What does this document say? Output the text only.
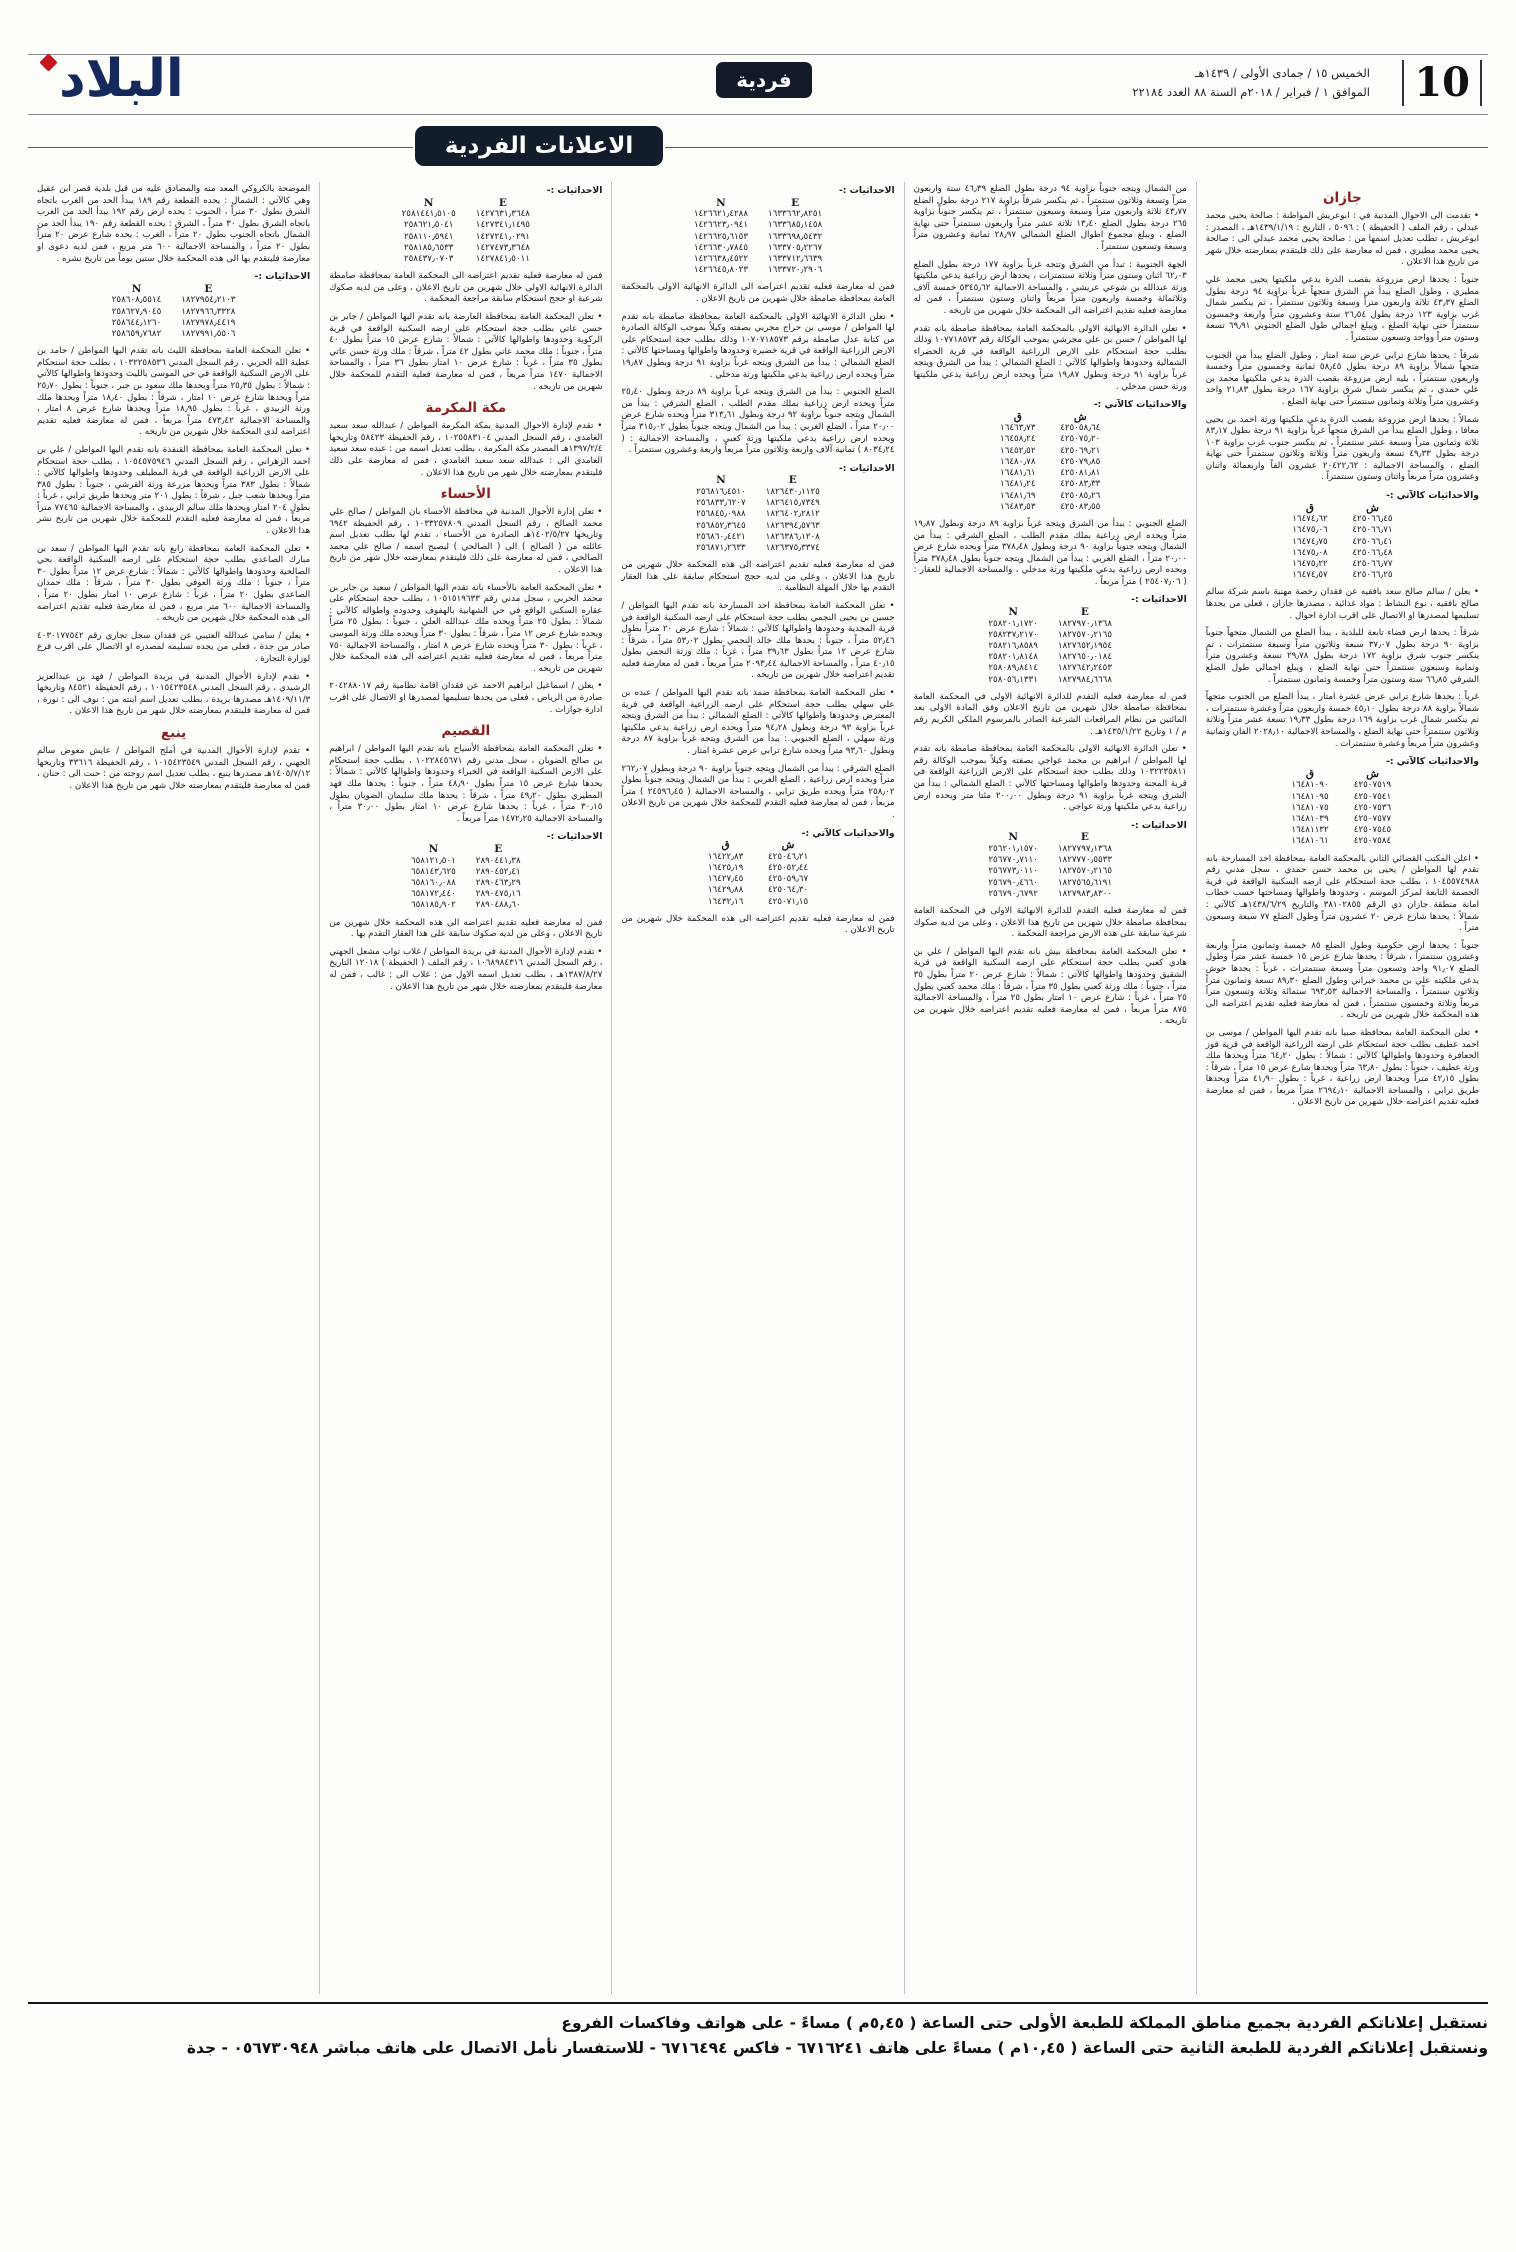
البلاد	فردية	الخميس ١٥ / جمادى الأولى / ١٤٣٩هـ
الموافق ١ / فبراير / ٢٠١٨م السنة ٨٨ العدد ٢٢١٨٤ 10
الاعلانات الفردية
جازان

• تقدمت الى الاحوال المدنية في : ابوعريش المواطنة : صالحة يحيى محمد عبدلي ، رقم الملف ( الحفيظة ) : ٥٠٩٦ ، التاريخ : ١٤٣٩/١/١٩هـ ، المصدر : ابوعريش ، تطلب تعديل اسمها من : صالحة يحيى محمد عبدلي الى : صالحة يحيى محمد مطيري ، فمن له معارضة على ذلك فليتقدم بمعارضته خلال شهر من تاريخ هذا الاعلان .

جنوباً : يحدها ارض مزروعة بقصب الذرة يدعي ملكيتها يحيى محمد علي مطيري ، وطول الضلع يبدأ من الشرق متجهاً غرباً بزاوية ٩٤ درجة بطول الضلع ٤٣٫٣٧ ثلاثة واربعون متراً وسبعة وثلاثون سنتمتراً ، ثم ينكسر شمال غرب بزاوية ١٢٣ درجة بطول ٢٦٫٥٤ ستة وعشرون متراً واربعة وخمسون سنتمتراً حتى نهاية الضلع ، ويبلغ اجمالي طول الضلع الجنوبي ٦٩٫٩١ تسعة وستون متراً وواحد وتسعون سنتمتراً .

شرقاً : يحدها شارع ترابي عرض ستة امتار ، وطول الضلع يبدأ من الجنوب متجهاً شمالاً بزاوية ٨٩ درجة بطول ٥٨٫٤٥ ثمانية وخمسون متراً وخمسة واربعون سنتمتراً ، يليه ارض مزروعة بقصب الذرة يدعي ملكيتها محمد بن علي حمدي ، ثم ينكسر شمال شرق بزاوية ١٦٧ درجة بطول ٢١٫٨٣ واحد وعشرون متراً وثلاثة وثمانون سنتمتراً حتى نهاية الضلع .

شمالاً : يحدها ارض مزروعة بقصب الذرة يدعي ملكيتها ورثة احمد بن يحيى معافا ، وطول الضلع يبدأ من الشرق متجهاً غرباً بزاوية ٩١ درجة بطول ٨٣٫١٧ ثلاثة وثمانون متراً وسبعة عشر سنتمتراً ، ثم ينكسر جنوب غرب بزاوية ١٠٣ درجة بطول ٤٩٫٣٣ تسعة واربعون متراً وثلاثة وثلاثون سنتمتراً حتى نهاية الضلع ، والمساحة الاجمالية : ٢٠٤٢٢٫٦٢ عشرون الفاً واربعمائة واثنان وعشرون متراً مربعاً واثنان وستون سنتمتراً .

والاحداثيات كالآتي :-
ش	ق
٤٢٥٠٦٦٫٤٥	١٦٤٧٤٫٦٢
٤٢٥٠٦٦٫٧١	١٦٤٧٥٫٠٦
٤٢٥٠٦٦٫٤١	١٦٤٧٤٫٧٥
٤٢٥٠٦٦٫٤٨	١٦٤٧٥٫٠٨
٤٢٥٠٦٦٫٧٧	١٦٤٧٥٫٢٢
٤٢٥٠٦٦٫٢٥	١٦٤٧٤٫٥٧

• يعلن / سالم صالح سعد بافقيه عن فقدان رخصة مهنية باسم شركة سالم صالح بافقيه ، نوع النشاط : مواد غذائية ، مصدرها جازان ، فعلى من يجدها تسليمها لمصدرها او الاتصال على اقرب ادارة احوال .

شرقاً : يحدها ارض فضاء تابعة للبلدية ، يبدأ الضلع من الشمال متجهاً جنوباً بزاوية ٩٠ درجة بطول ٣٧٫٠٧ سبعة وثلاثون متراً وسبعة سنتمترات ، ثم ينكسر جنوب شرق بزاوية ١٧٢ درجة بطول ٢٩٫٧٨ تسعة وعشرون متراً وثمانية وسبعون سنتمتراً حتى نهاية الضلع ، ويبلغ اجمالي طول الضلع الشرقي ٦٦٫٨٥ ستة وستون متراً وخمسة وثمانون سنتمتراً .

غرباً : يحدها شارع ترابي عرض عشرة امتار ، يبدأ الضلع من الجنوب متجهاً شمالاً بزاوية ٨٨ درجة بطول ٤٥٫١٠ خمسة واربعون متراً وعشرة سنتمترات ، ثم ينكسر شمال غرب بزاوية ١٦٩ درجة بطول ١٩٫٣٣ تسعة عشر متراً وثلاثة وثلاثون سنتمتراً حتى نهاية الضلع ، والمساحة الاجمالية ٢٠٢٨٫١٠ الفان وثمانية وعشرون متراً مربعاً وعشرة سنتمترات .

والاحداثيات كالآتي :-
ش	ق
٤٢٥٠٧٥١٩	١٦٤٨١٠٩٠
٤٢٥٠٧٥٤١	١٦٤٨١٠٩٥
٤٢٥٠٧٥٣٦	١٦٤٨١٠٧٥
٤٢٥٠٧٥٧٧	١٦٤٨١٠٣٩
٤٢٥٠٧٥٤٥	١٦٤٨١١٣٢
٤٢٥٠٧٥٨٤	١٦٤٨١٠٦١

• اعلن المكتب القضائي الثاني بالمحكمة العامة بمحافظة احد المسارحة بانه تقدم لها المواطن / يحيى بن محمد حسن حمدي ، سجل مدني رقم ١٠٤٥٥٧٤٩٨٨ ، بطلب حجة استحكام على ارضه السكنية الواقعة في قرية الحصمة التابعة لمركز الموسم ، وحدودها واطوالها ومساحتها حسب خطاب امانة منطقة جازان ذي الرقم ٣٨١٠٢٨٥٥ والتاريخ ١٤٣٨/٦/٢٩هـ كالآتي : شمالاً : يحدها شارع عرض ٢٠ عشرون متراً وطول الضلع ٧٧ سبعة وسبعون متراً .

جنوباً : يحدها ارض حكومية وطول الضلع ٨٥ خمسة وثمانون متراً واربعة وعشرون سنتمتراً ، شرقاً : يحدها شارع عرض ١٥ خمسة عشر متراً وطول الضلع ٩١٫٠٧ واحد وتسعون متراً وسبعة سنتمترات ، غرباً : يحدها حوش يدعي ملكيته علي بن محمد خبراني وطول الضلع ٨٩٫٣٠ تسعة وثمانون متراً وثلاثون سنتمتراً ، والمساحة الاجمالية ٦٩٣٫٥٣ ستمائة وثلاثة وتسعون متراً مربعاً وثلاثة وخمسون سنتمتراً ، فمن له معارضة فعليه تقديم اعتراضه الى هذه المحكمة خلال شهرين من تاريخه .

• تعلن المحكمة العامة بمحافظة صبيا بانه تقدم اليها المواطن / موسى بن احمد عطيف بطلب حجة استحكام على ارضه الزراعية الواقعة في قرية قوز الجعافرة وحدودها واطوالها كالآتي : شمالاً : بطول ٦٤٫٢٠ متراً ويحدها ملك ورثة عطيف ، جنوباً : بطول ٦٣٫٨٠ متراً ويحدها شارع عرض ١٥ متراً ، شرقاً : بطول ٤٢٫١٥ متراً ويحدها ارض زراعية ، غرباً : بطول ٤١٫٩٠ متراً ويحدها طريق ترابي ، والمساحة الاجمالية ٢٦٩٤٫١٠ متراً مربعاً ، فمن له معارضة فعليه تقديم اعتراضه خلال شهرين من تاريخ الاعلان .

من الشمال ويتجه جنوباً بزاوية ٩٤ درجة بطول الضلع ٤٦٫٣٩ ستة واربعون متراً وتسعة وثلاثون سنتمتراً ، ثم ينكسر شرقاً بزاوية ٢١٧ درجة بطول الضلع ٤٣٫٧٧ ثلاثة واربعون متراً وسبعة وسبعون سنتمتراً ، ثم ينكسر جنوباً بزاوية ٢٦٥ درجة بطول الضلع ١٣٫٤٠ ثلاثة عشر متراً واربعون سنتمتراً حتى نهاية الضلع ، ويبلغ مجموع اطوال الضلع الشمالي ٢٨٫٩٧ ثمانية وعشرون متراً وسبعة وتسعون سنتمتراً .

الجهة الجنوبية : تبدأ من الشرق وتتجه غرباً بزاوية ١٧٧ درجة بطول الضلع ٦٢٫٠٣ اثنان وستون متراً وثلاثة سنتمترات ، يحدها ارض زراعية يدعي ملكيتها ورثة عبدالله بن شوعي عريشي ، والمساحة الاجمالية ٥٣٤٥٫٦٢ خمسة آلاف وثلاثمائة وخمسة واربعون متراً مربعاً واثنان وستون سنتمتراً ، فمن له معارضة فعليه تقديم اعتراضه الى المحكمة خلال شهرين من تاريخه .

• تعلن الدائرة الانهائية الاولى بالمحكمة العامة بمحافظة صامطة بانه تقدم لها المواطن / حسن بن علي مجرشي بموجب الوكالة رقم ١٠٧٧١٨٥٧٣ وذلك بطلب حجة استحكام على الارض الزراعية الواقعة في قرية الخضراء الشمالية وحدودها واطوالها كالآتي : الضلع الشمالي : يبدأ من الشرق ويتجه غرباً بزاوية ٩١ درجة وبطول ١٩٫٨٧ متراً ويحده ارض زراعية يدعي ملكيتها ورثة حسن مدخلي .

والاحداثيات كالآتي :-
ش	ق
٤٢٥٠٥٨٫٦٤	١٦٤٦٣٫٧٣
٤٢٥٠٧٥٫٢٠	١٦٤٥٨٫٢٤
٤٢٥٠٦٩٫٢١	١٦٤٥٢٫٥٢
٤٢٥٠٧٩٫٨٥	١٦٤٨٠٫٧٨
٤٢٥٠٨١٫٨١	١٦٤٨١٫٦١
٤٢٥٠٨٣٫٣٣	١٦٤٨١٫٢٤
٤٢٥٠٨٥٫٢٦	١٦٤٨١٫٦٩
٤٢٥٠٨٣٫٥٥	١٦٤٨٣٫٥٣

الضلع الجنوبي : يبدأ من الشرق ويتجه غرباً بزاوية ٨٩ درجة وبطول ١٩٫٨٧ متراً ويحده ارض زراعية بملك مقدم الطلب ، الضلع الشرقي : يبدأ من الشمال ويتجه جنوباً بزاوية ٩٠ درجة وبطول ٣٧٨٫٤٨ متراً ويحده شارع عرض ٢٠٫٠٠ متراً ، الضلع الغربي : يبدأ من الشمال ويتجه جنوباً بطول ٣٧٨٫٤٨ متراً ويحده ارض زراعية يدعي ملكيتها ورثة مدخلي ، والمساحة الاجمالية للعقار : ( ٢٥٤٠٧٫٠٦ ) متراً مربعاً .

الاحداثيات :-
N	E
٢٥٨٢٠١٫١٧٢٠	١٨٢٧٩٧٠٫١٣٦٨
٢٥٨٢٣٧٫٢١٧٠	١٨٢٧٥٧٠٫٢١٦٥
٢٥٨٢١٦٫٨٥٨٩	١٨٢٧٦٥٢٫١٩٥٤
٢٥٨٢٠١٫٨١٤٨	١٨٢٧٦٥٠٫٠١٨٤
٢٥٨٠٨٩٫٨٤١٤	١٨٢٧٦٤٢٫٢٤٥٣
٢٥٨٠٥٦٫١٣٣١	١٨٢٧٩٨٤٫٦٦٦٨

فمن له معارضة فعليه التقدم للدائرة الانهائية الاولى في المحكمة العامة بمحافظة صامطة خلال شهرين من تاريخ الاعلان وفق المادة الاولى بعد المائتين من نظام المرافعات الشرعية الصادر بالمرسوم الملكي الكريم رقم م / ١ وتاريخ ١٤٣٥/١/٢٢هـ .

• تعلن الدائرة الانهائية الاولى بالمحكمة العامة بمحافظة صامطة بانه تقدم لها المواطن / ابراهيم بن محمد عواجي بصفته وكيلاً بموجب الوكالة رقم ١٠٣٢٢٣٥٨١١ وذلك بطلب حجة استحكام على الارض الزراعية الواقعة في قرية المجنة وحدودها واطوالها ومساحتها كالآتي : الضلع الشمالي : يبدأ من الشرق ويتجه غرباً بزاوية ٩١ درجة وبطول ٢٠٠٫٠٠ مئتا متر ويحده ارض زراعية يدعي ملكيتها ورثة عواجي .

الاحداثيات :-
N	E
٢٥٦٢٠١٫١٥٧٠	١٨٢٧٧٩٧٫١٣٦٨
٢٥٦٧٧٠٫٧١١٠	١٨٢٧٧٧٠٫٥٥٣٣
٢٥٦٧٧٣٫٠١١٠	١٨٢٧٥٧٠٫٢١٦٥
٢٥٦٧٩٠٫٤٦٦٠	١٨٢٧٥٦٥٫٦١٩١
٢٥٦٧٩٠٫٦٧٩٢	١٨٢٧٩٨٣٫٨٣٠٠

فمن له معارضة فعليه التقدم للدائرة الانهائية الاولى في المحكمة العامة بمحافظة صامطة خلال شهرين من تاريخ هذا الاعلان ، وعلى من لديه صكوك شرعية سابقة على هذه الارض مراجعة المحكمة .

• تعلن المحكمة العامة بمحافظة بيش بانه تقدم اليها المواطن / علي بن هادي كعبي بطلب حجة استحكام على ارضه السكنية الواقعة في قرية الشقيق وحدودها واطوالها كالآتي : شمالاً : شارع عرض ٢٠ متراً بطول ٣٥ متراً ، جنوباً : ملك ورثة كعبي بطول ٣٥ متراً ، شرقاً : ملك محمد كعبي بطول ٢٥ متراً ، غرباً : شارع عرض ١٠ امتار بطول ٢٥ متراً ، والمساحة الاجمالية ٨٧٥ متراً مربعاً ، فمن له معارضة فعليه تقديم اعتراضه خلال شهرين من تاريخه .

الاحداثيات :-
N	E
١٤٢٦٦٢١٫٤٢٨٨	١٦٣٣٦٦٢٫٨٢٥١
١٤٢٦٦٢٣٫٠٩٤١	١٦٣٣٦٨٥٫١٤٥٨
١٤٢٦٦٢٥٫٦١٥٣	١٦٣٣٦٩٨٫٥٤٣٢
١٤٢٦٦٣٠٫٧٨٤٥	١٦٣٣٧٠٥٫٢٢٦٧
١٤٢٦٦٣٨٫٤٥٢٢	١٦٣٣٧١٢٫٦٦٣٩
١٤٢٦٦٤٥٫٨٠٢٣	١٦٣٣٧٢٠٫٢٩٠٦

فمن له معارضة فعليه تقديم اعتراضه الى الدائرة الانهائية الاولى بالمحكمة العامة بمحافظة صامطة خلال شهرين من تاريخ الاعلان .

• تعلن الدائرة الانهائية الاولى بالمحكمة العامة بمحافظة صامطة بانه تقدم لها المواطن / موسى بن حراج مجربي بصفته وكيلاً بموجب الوكالة الصادرة من كتابة عدل صامطة برقم ١٠٧٠٧١٨٥٧٣ وذلك بطلب حجة استحكام على الارض الزراعية الواقعة في قرية خضيرة وحدودها واطوالها ومساحتها كالآتي : الضلع الشمالي : يبدأ من الشرق ويتجه غرباً بزاوية ٩١ درجة وبطول ١٩٫٨٧ متراً ويحده ارض زراعية يدعي ملكيتها ورثة مدخلي .

الضلع الجنوبي : يبدأ من الشرق ويتجه غرباً بزاوية ٨٩ درجة وبطول ٢٥٫٤٠ متراً ويحده ارض زراعية بملك مقدم الطلب ، الضلع الشرقي : يبدأ من الشمال ويتجه جنوباً بزاوية ٩٢ درجة وبطول ٣١٣٫٦١ متراً ويحده شارع عرض ٢٠٫٠٠ متراً ، الضلع الغربي : يبدأ من الشمال ويتجه جنوباً بطول ٣١٥٫٠٢ متراً ويحده ارض زراعية يدعي ملكيتها ورثة كعبي ، والمساحة الاجمالية : ( ٨٠٣٤٫٢٤ ) ثمانية آلاف واربعة وثلاثون متراً مربعاً واربعة وعشرون سنتمتراً .

الاحداثيات :-
N	E
٢٥٦٨١٦٫٤٥١٠	١٨٢٦٤٣٠٫١١٢٥
٢٥٦٨٣٣٫٦٢٠٧	١٨٢٦٤١٥٫٧٣٤٩
٢٥٦٨٤٥٫٠٩٨٨	١٨٢٦٤٠٢٫٢٨١٢
٢٥٦٨٥٢٫٣٦٤٥	١٨٢٦٣٩٤٫٥٧٦٣
٢٥٦٨٦٠٫٤٤٢١	١٨٢٦٣٨٦٫١٢٠٨
٢٥٦٨٧١٫٢٦٣٣	١٨٢٦٣٧٥٫٣٣٧٤

فمن له معارضة فعليه تقديم اعتراضه الى هذه المحكمة خلال شهرين من تاريخ هذا الاعلان ، وعلى من لديه حجج استحكام سابقة على هذا العقار التقدم بها خلال المهلة النظامية .

• تعلن المحكمة العامة بمحافظة احد المسارحة بانه تقدم اليها المواطن / حسين بن يحيى النجمي بطلب حجة استحكام على ارضه السكنية الواقعة في قرية المجدية وحدودها واطوالها كالآتي : شمالاً : شارع عرض ٢٠ متراً بطول ٥٢٫٤٦ متراً ، جنوباً : يحدها ملك خالد النجمي بطول ٥٣٫٠٢ متراً ، شرقاً : شارع عرض ١٢ متراً بطول ٣٩٫٦٣ متراً ، غرباً : ملك ورثة النجمي بطول ٤٠٫١٥ متراً ، والمساحة الاجمالية ٢٠٩٣٫٤٤ متراً مربعاً ، فمن له معارضة فعليه تقديم اعتراضه خلال شهرين من تاريخه .

• تعلن المحكمة العامة بمحافظة ضمد بانه تقدم اليها المواطن / عبده بن علي سهلي بطلب حجة استحكام على ارضه الزراعية الواقعة في قرية المعترض وحدودها واطوالها كالآتي : الضلع الشمالي : يبدأ من الشرق ويتجه غرباً بزاوية ٩٣ درجة وبطول ٩٤٫٢٨ متراً ويحده ارض زراعية يدعي ملكيتها ورثة سهلي ، الضلع الجنوبي : يبدأ من الشرق ويتجه غرباً بزاوية ٨٧ درجة وبطول ٩٣٫٦٠ متراً ويحده شارع ترابي عرض عشرة امتار .

الضلع الشرقي : يبدأ من الشمال ويتجه جنوباً بزاوية ٩٠ درجة وبطول ٢٦٢٫٠٧ متراً ويحده ارض زراعية ، الضلع الغربي : يبدأ من الشمال ويتجه جنوباً بطول ٢٥٨٫٠٢ متراً ويحده طريق ترابي ، والمساحة الاجمالية ( ٢٤٥٩٦٫٤٥ ) متراً مربعاً ، فمن له معارضة فعليه التقدم للمحكمة خلال شهرين من تاريخ الاعلان .

والاحداثيات كالآتي :-
ش	ق
٤٢٥٠٤٦٫٢١	١٦٤٢٢٫٨٣
٤٢٥٠٥٢٫٤٤	١٦٤٢٥٫١٩
٤٢٥٠٥٩٫٦٧	١٦٤٢٧٫٤٥
٤٢٥٠٦٤٫٣٠	١٦٤٢٩٫٨٨
٤٢٥٠٧١٫١٥	١٦٤٣٢٫١٦

فمن له معارضة فعليه تقديم اعتراضه الى هذه المحكمة خلال شهرين من تاريخ الاعلان .

الاحداثيات :-
N	E
٢٥٨١٤٤١٫٥١٠٥	١٤٢٧٦٣١٫٣٦٤٨
٢٥٨٦٢١٫٥٠٤١	١٤٢٧٣٤١٫١٤٩٥
٢٥٨١١٠٫٥٩٤١	١٤٢٧٢٤١٫٠٢٩١
٢٥٨١٨٥٫٦٥٣٣	١٤٢٧٤٧٣٫٣٦٤٨
٢٥٨٤٣٧٫٠٧٠٣	١٤٢٧٨٤١٫٥٠١١

فمن له معارضة فعليه تقديم اعتراضه الى المحكمة العامة بمحافظة صامطة الدائرة الانهائية الاولى خلال شهرين من تاريخ الاعلان ، وعلى من لديه صكوك شرعية او حجج استحكام سابقة مراجعة المحكمة .

• تعلن المحكمة العامة بمحافظة العارضة بانه تقدم اليها المواطن / جابر بن حسن عاتي بطلب حجة استحكام على ارضه السكنية الواقعة في قرية الركوبة وحدودها واطوالها كالآتي : شمالاً : شارع عرض ١٥ متراً بطول ٤٠ متراً ، جنوباً : ملك محمد عاتي بطول ٤٢ متراً ، شرقاً : ملك ورثة حسن عاتي بطول ٣٥ متراً ، غرباً : شارع عرض ١٠ امتار بطول ٣٦ متراً ، والمساحة الاجمالية ١٤٧٠ متراً مربعاً ، فمن له معارضة فعليه التقدم للمحكمة خلال شهرين من تاريخه .

مكة المكرمة

• تقدم لإدارة الاحوال المدنية بمكة المكرمة المواطن / عبدالله سعد سعيد الغامدي ، رقم السجل المدني ١٠٢٥٥٨٣١٠٤ ، رقم الحفيظة ٥٨٤٢٣ وتاريخها ١٣٩٧/٢/٤هـ المصدر مكة المكرمة ، بطلب تعديل اسمه من : عبده سعد سعيد الغامدي الى : عبدالله سعد سعيد الغامدي ، فمن له معارضة على ذلك فليتقدم بمعارضته خلال شهر من تاريخ هذا الاعلان .

الأحساء

• تعلن إدارة الأحوال المدنية في محافظة الأحساء بان المواطن / صالح علي محمد الصالح ، رقم السجل المدني ١٠٣٣٢٥٧٨٠٩ ، رقم الحفيظة ٦٩٤٢ وتاريخها ١٤٠٢/٥/٢٧هـ الصادرة من الأحساء ، تقدم لها بطلب تعديل اسم عائلته من ( الصالح ) الى ( الصالحي ) ليصبح اسمه / صالح علي محمد الصالحي ، فمن له معارضة على ذلك فليتقدم بمعارضته خلال شهر من تاريخ هذا الاعلان .

• تعلن المحكمة العامة بالأحساء بانه تقدم اليها المواطن / سعيد بن جابر بن محمد الحربي ، سجل مدني رقم ١٠٥١٥١٩٦٣٣ ، بطلب حجة استحكام على عقاره السكني الواقع في حي الشهابية بالهفوف وحدوده واطواله كالآتي : شمالاً : بطول ٢٥ متراً ويحده ملك عبدالله العلي ، جنوباً : بطول ٢٥ متراً ويحده شارع عرض ١٢ متراً ، شرقاً : بطول ٣٠ متراً ويحده ملك ورثة الموسى ، غرباً : بطول ٣٠ متراً ويحده شارع عرض ٨ امتار ، والمساحة الاجمالية ٧٥٠ متراً مربعاً ، فمن له معارضة فعليه تقديم اعتراضه الى هذه المحكمة خلال شهرين من تاريخه .

• يعلن / اسماعيل ابراهيم الاحمد عن فقدان اقامة نظامية رقم ٢٠٤٢٨٨٠١٧ صادرة من الرياض ، فعلى من يجدها تسليمها لمصدرها او الاتصال على اقرب ادارة جوازات .

القصيم

• تعلن المحكمة العامة بمحافظة الأسياح بانه تقدم اليها المواطن / ابراهيم بن صالح الضويان ، سجل مدني رقم ١٠٢٢٨٤٥٦٧١ ، بطلب حجة استحكام على الارض السكنية الواقعة في الخبراء وحدودها واطوالها كالآتي : شمالاً : يحدها شارع عرض ١٥ متراً بطول ٤٨٫٩٠ متراً ، جنوباً : يحدها ملك فهد المطيري بطول ٤٩٫٢٠ متراً ، شرقاً : يحدها ملك سليمان الضويان بطول ٣٠٫١٥ متراً ، غرباً : يحدها شارع عرض ١٠ امتار بطول ٣٠٫٠٠ متراً ، والمساحة الاجمالية ١٤٧٢٫٢٥ متراً مربعاً .

الاحداثيات :-
N	E
٦٥٨١٢١٫٥٠١	٢٨٩٠٤٤١٫٣٨
٦٥٨١٤٣٫٦٢٥	٢٨٩٠٤٥٢٫٤١
٦٥٨١٦٠٫٠٨٨	٢٨٩٠٤٦٣٫٢٩
٦٥٨١٧٢٫٤٤٠	٢٨٩٠٤٧٥٫١٦
٦٥٨١٨٥٫٩٠٢	٢٨٩٠٤٨٨٫٦٠

فمن له معارضة فعليه تقديم اعتراضه الى هذه المحكمة خلال شهرين من تاريخ الاعلان ، وعلى من لديه صكوك سابقة على هذا العقار التقدم بها .

• تقدم لإدارة الأحوال المدنية في بريدة المواطن / غلاب ثواب مشعل الجهني ، رقم السجل المدني ١٠٦٨٩٨٤٣١٦ ، رقم الملف ( الحفيظة ) ١٢٠١٨ التاريخ ١٣٨٧/٨/٢٧هـ ، بطلب تعديل اسمه الاول من : غلاب الى : غالب ، فمن له معارضة فليتقدم بمعارضته خلال شهر من تاريخ هذا الاعلان .

الموضحة بالكروكي المعد منه والمصادق عليه من قبل بلدية قصر ابن عقيل وهي كالآتي : الشمال : يحده القطعة رقم ١٨٩ يبدأ الحد من الغرب باتجاه الشرق بطول ٣٠ متراً ، الجنوب : يحده ارض رقم ١٩٢ يبدأ الحد من الغرب باتجاه الشرق بطول ٣٠ متراً ، الشرق : يحده القطعة رقم ١٩٠ يبدأ الحد من الشمال باتجاه الجنوب بطول ٢٠ متراً ، الغرب : يحده شارع عرض ٢٠ متراً بطول ٢٠ متراً ، والمساحة الاجمالية ٦٠٠ متر مربع ، فمن لديه دعوى او معارضة فليتقدم بها الى هذه المحكمة خلال ستين يوماً من تاريخ نشره .

الاحداثيات :-
N	E
٢٥٨٦٠٨٫٥٥١٤	١٨٢٧٩٥٤٫٢١٠٣
٢٥٨٦٢٧٫٩٠٤٥	١٨٢٧٩٦٦٫٣٣٢٨
٢٥٨٦٤٤٫١٢٦٠	١٨٢٧٩٧٨٫٤٤١٩
٢٥٨٦٥٩٫٧٦٨٢	١٨٢٧٩٩١٫٥٥٠٦

• تعلن المحكمة العامة بمحافظة الليث بانه تقدم اليها المواطن / حامد بن عطية الله الحربي ، رقم السجل المدني ١٠٣٢٢٥٨٥٣٦ ، بطلب حجة استحكام على الارض السكنية الواقعة في حي الموسى بالليث وحدودها واطوالها كالآتي : شمالاً : بطول ٢٥٫٣٥ متراً ويحدها ملك سعود بن جبر ، جنوباً : بطول ٢٥٫٧٠ متراً ويحدها شارع عرض ١٠ امتار ، شرقاً : بطول ١٨٫٤٠ متراً ويحدها ملك ورثة الزبيدي ، غرباً : بطول ١٨٫٩٥ متراً ويحدها شارع عرض ٨ امتار ، والمساحة الاجمالية ٤٧٣٫٤٢ متراً مربعاً ، فمن له معارضة فعليه تقديم اعتراضه لدى المحكمة خلال شهرين من تاريخه .

• تعلن المحكمة العامة بمحافظة القنفذة بانه تقدم اليها المواطن / علي بن احمد الزهراني ، رقم السجل المدني ١٠٥٤٥٧٥٩٤٦ ، بطلب حجة استحكام على الارض الزراعية الواقعة في قرية المظيلف وحدودها واطوالها كالآتي : شمالاً : بطول ٣٨٣ متراً ويحدها مزرعة ورثة القرشي ، جنوباً : بطول ٣٨٥ متراً ويحدها شعب جبل ، شرقاً : بطول ٢٠١ متر ويحدها طريق ترابي ، غرباً : بطول ٢٠٤ امتار ويحدها ملك سالم الزبيدي ، والمساحة الاجمالية ٧٧٤٦٥ متراً مربعاً ، فمن له معارضة فعليه التقدم للمحكمة خلال شهرين من تاريخ نشر هذا الاعلان .

• تعلن المحكمة العامة بمحافظة رابغ بانه تقدم اليها المواطن / سعد بن مبارك الصاعدي بطلب حجة استحكام على ارضه السكنية الواقعة بحي الصالحية وحدودها واطوالها كالآتي : شمالاً : شارع عرض ١٢ متراً بطول ٣٠ متراً ، جنوباً : ملك ورثة العوفي بطول ٣٠ متراً ، شرقاً : ملك حمدان الصاعدي بطول ٢٠ متراً ، غرباً : شارع عرض ١٠ امتار بطول ٢٠ متراً ، والمساحة الاجمالية ٦٠٠ متر مربع ، فمن له معارضة فعليه تقديم اعتراضه الى هذه المحكمة خلال شهرين من تاريخه .

• يعلن / سامي عبدالله العتيبي عن فقدان سجل تجاري رقم ٤٠٣٠١٧٧٥٤٢ صادر من جدة ، فعلى من يجده تسليمه لمصدره او الاتصال على اقرب فرع لوزارة التجارة .

• تقدم لإدارة الأحوال المدنية في بريدة المواطن / فهد بن عبدالعزيز الرشيدي ، رقم السجل المدني ١٠١٥٤٢٣٥٤٨ ، رقم الحفيظة ٨٤٥٢١ وتاريخها ١٤٠٩/١١/٣هـ مصدرها بريدة ، بطلب تعديل اسم ابنته من : نوف الى : نورة ، فمن له معارضة فليتقدم بمعارضته خلال شهر من تاريخ هذا الاعلان .

ينبع

• تقدم لإدارة الأحوال المدنية في أملج المواطن / عايش معوض سالم الجهني ، رقم السجل المدني ١٠١٥٤٢٣٥٤٩ ، رقم الحفيظة ٣٣٦١٦ وتاريخها ١٤٠٥/٧/١٢هـ مصدرها ينبع ، بطلب تعديل اسم زوجته من : حنت الى : حنان ، فمن له معارضة فليتقدم بمعارضته خلال شهر من تاريخ هذا الاعلان .

نستقبل إعلاناتكم الفردية بجميع مناطق المملكة للطبعة الأولى حتى الساعة ( ٥,٤٥م ) مساءً - على هواتف وفاكسات الفروع
ونستقبل إعلاناتكم الفردية للطبعة الثانية حتى الساعة ( ١٠,٤٥م ) مساءً على هاتف ٦٧١٦٢٤١ - فاكس ٦٧١٦٤٩٤ - للاستفسار نأمل الاتصال على هاتف مباشر ٠٥٦٧٣٠٩٤٨ - جدة
